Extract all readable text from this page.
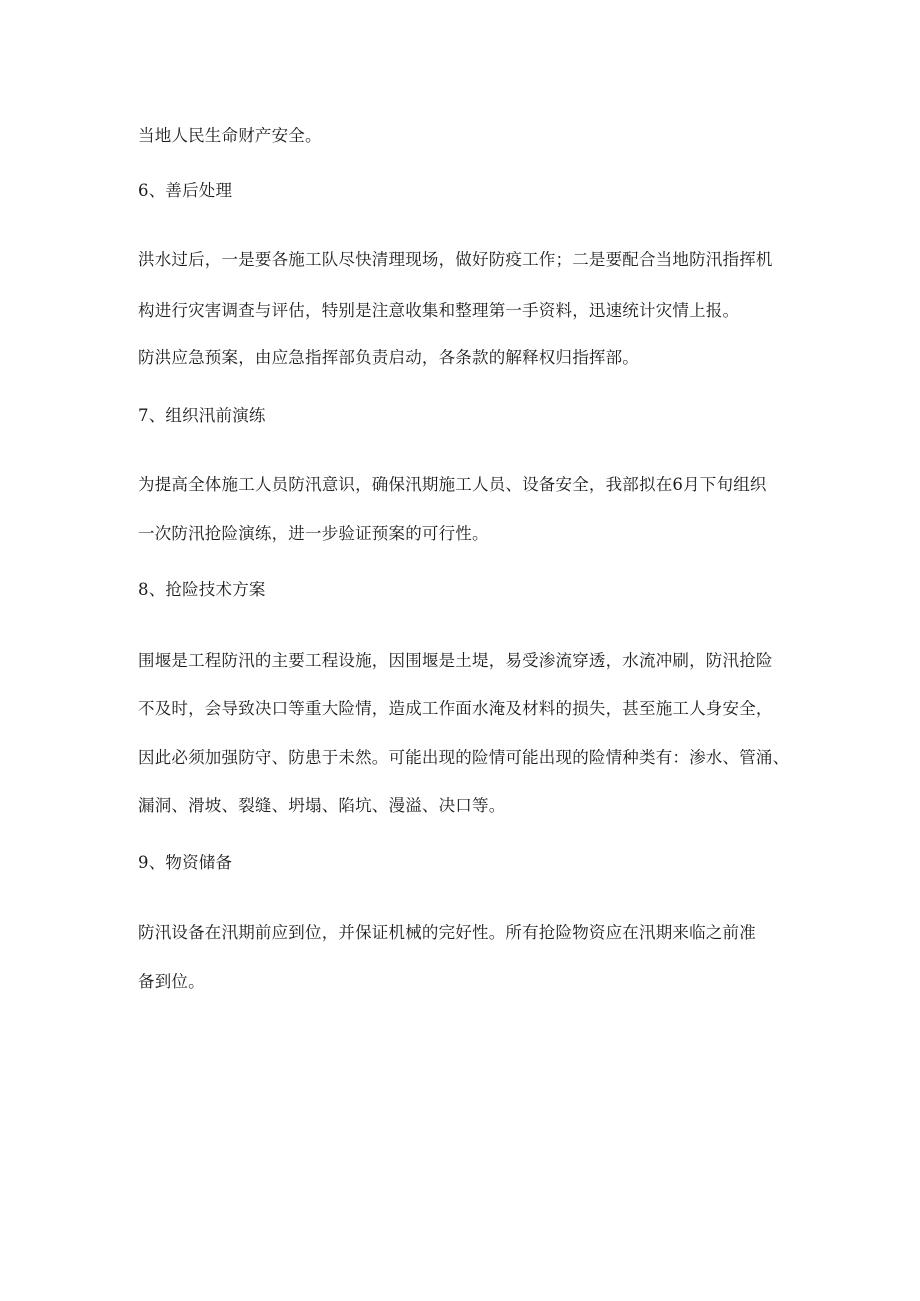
当地人民生命财产安全。
6、善后处理
洪水过后，一是要各施工队尽快清理现场，做好防疫工作；二是要配合当地防汛指挥机
构进行灾害调查与评估，特别是注意收集和整理第一手资料，迅速统计灾情上报。
防洪应急预案，由应急指挥部负责启动，各条款的解释权归指挥部。
7、组织汛前演练
为提高全体施工人员防汛意识，确保汛期施工人员、设备安全，我部拟在6月下旬组织
一次防汛抢险演练，进一步验证预案的可行性。
8、抢险技术方案
围堰是工程防汛的主要工程设施，因围堰是土堤，易受渗流穿透，水流冲刷，防汛抢险
不及时，会导致决口等重大险情，造成工作面水淹及材料的损失，甚至施工人身安全，
因此必须加强防守、防患于未然。可能出现的险情可能出现的险情种类有：渗水、管涌、
漏洞、滑坡、裂缝、坍塌、陷坑、漫溢、决口等。
9、物资储备
防汛设备在汛期前应到位，并保证机械的完好性。所有抢险物资应在汛期来临之前准
备到位。
